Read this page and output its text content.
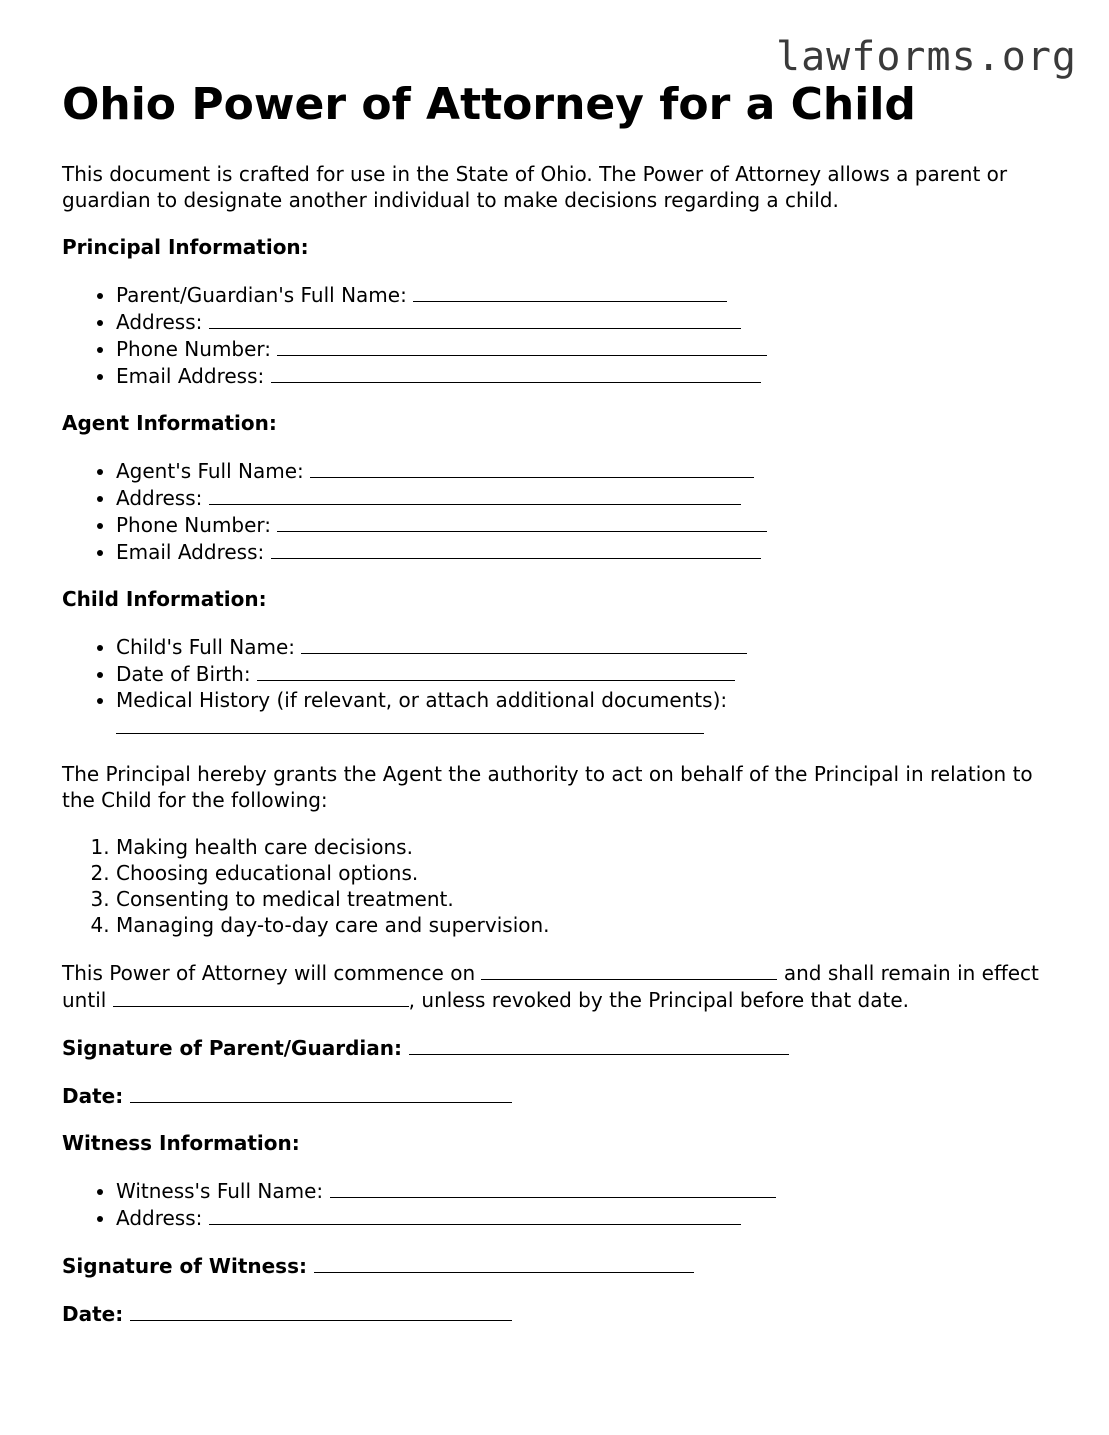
lawforms.org
Ohio Power of Attorney for a Child

This document is crafted for use in the State of Ohio. The Power of Attorney allows a parent or guardian to designate another individual to make decisions regarding a child.

Principal Information:

• Parent/Guardian's Full Name:
• Address:
• Phone Number:
• Email Address:

Agent Information:

• Agent's Full Name:
• Address:
• Phone Number:
• Email Address:

Child Information:

• Child's Full Name:
• Date of Birth:
• Medical History (if relevant, or attach additional documents):

The Principal hereby grants the Agent the authority to act on behalf of the Principal in relation to the Child for the following:

1. Making health care decisions.
2. Choosing educational options.
3. Consenting to medical treatment.
4. Managing day-to-day care and supervision.

This Power of Attorney will commence on	and shall remain in effect until	, unless revoked by the Principal before that date.

Signature of Parent/Guardian:

Date:

Witness Information:

• Witness's Full Name:
• Address:

Signature of Witness:

Date:
